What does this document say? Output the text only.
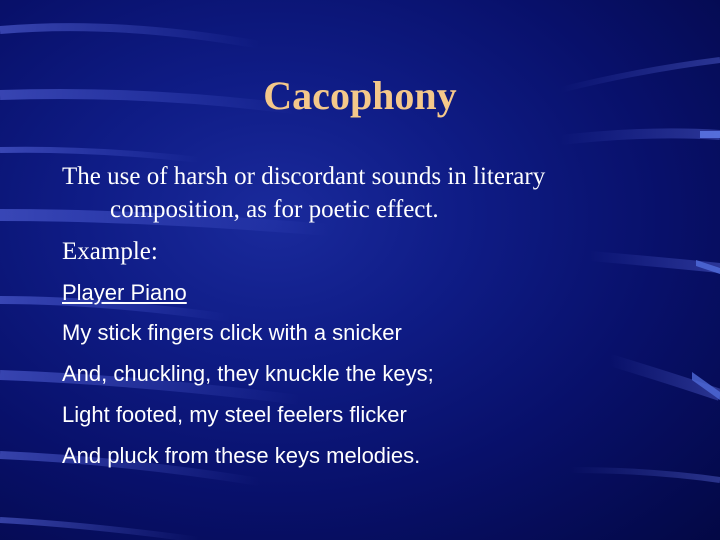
Cacophony
The use of harsh or discordant sounds in literary
composition, as for poetic effect.
Example:
Player Piano
My stick fingers click with a snicker
And, chuckling, they knuckle the keys;
Light footed, my steel feelers flicker
And pluck from these keys melodies.
